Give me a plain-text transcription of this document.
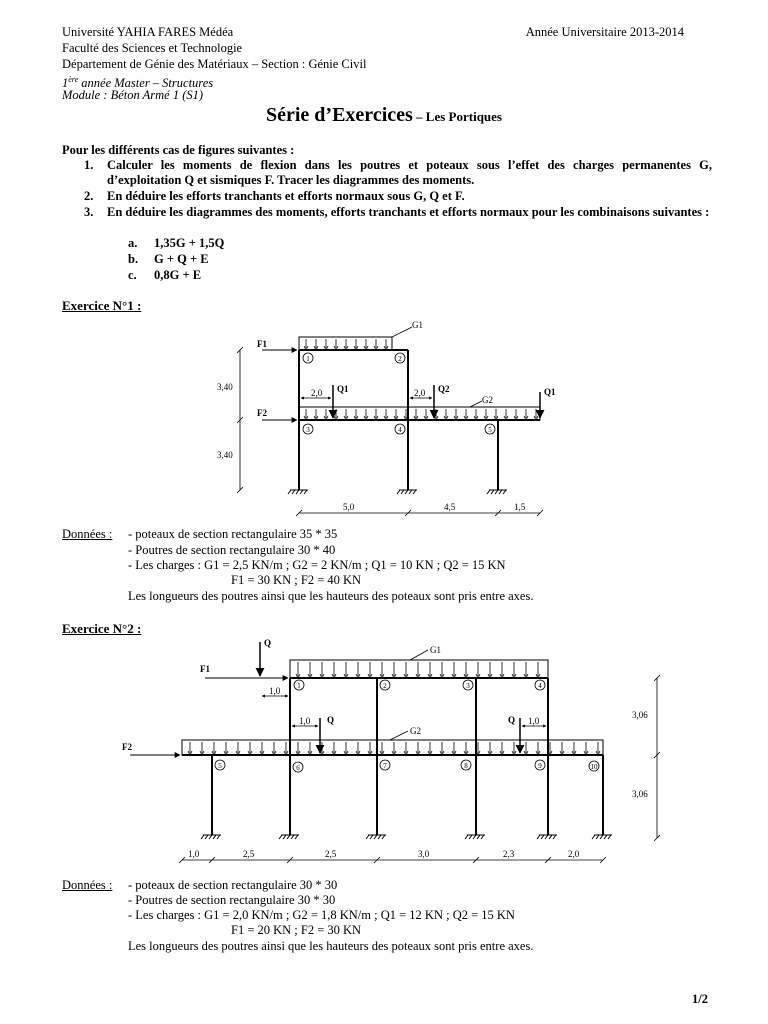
Université YAHIA FARES Médéa	Année Universitaire 2013-2014
Faculté des Sciences et Technologie
Département de Génie des Matériaux – Section : Génie Civil
1ère année Master – Structures
Module : Béton Armé 1 (S1)
Série d’Exercices – Les Portiques
Pour les différents cas de figures suivantes :
1. Calculer les moments de flexion dans les poutres et poteaux sous l’effet des charges permanentes G, d’exploitation Q et sismiques F. Tracer les diagrammes des moments.
2. En déduire les efforts tranchants et efforts normaux sous G, Q et F.
3. En déduire les diagrammes des moments, efforts tranchants et efforts normaux pour les combinaisons suivantes :
a. 1,35G + 1,5Q
b. G + Q + E
c. 0,8G + E
Exercice N°1 :
1	2
3	4	5
F1
F2
G1
G2
Q1	Q2	Q1
2,0	2,0
3,40
3,40
5,0	4,5	1,5
Données : - poteaux de section rectangulaire 35 * 35
- Poutres de section rectangulaire 30 * 40
- Les charges : G1 = 2,5 KN/m ; G2 = 2 KN/m ; Q1 = 10 KN ; Q2 = 15 KN
F1 = 30 KN ; F2 = 40 KN
Les longueurs des poutres ainsi que les hauteurs des poteaux sont pris entre axes.
Exercice N°2 :
1	2	3	4
5	6	7	8	9	10
F1
F2
Q
Q	Q
G1
G2
1,0
1,0	1,0
3,06
3,06
1,0	2,5	2,5	3,0	2,3	2,0
Données : - poteaux de section rectangulaire 30 * 30
- Poutres de section rectangulaire 30 * 30
- Les charges : G1 = 2,0 KN/m ; G2 = 1,8 KN/m ; Q1 = 12 KN ; Q2 = 15 KN
F1 = 20 KN ; F2 = 30 KN
Les longueurs des poutres ainsi que les hauteurs des poteaux sont pris entre axes.
1/2
